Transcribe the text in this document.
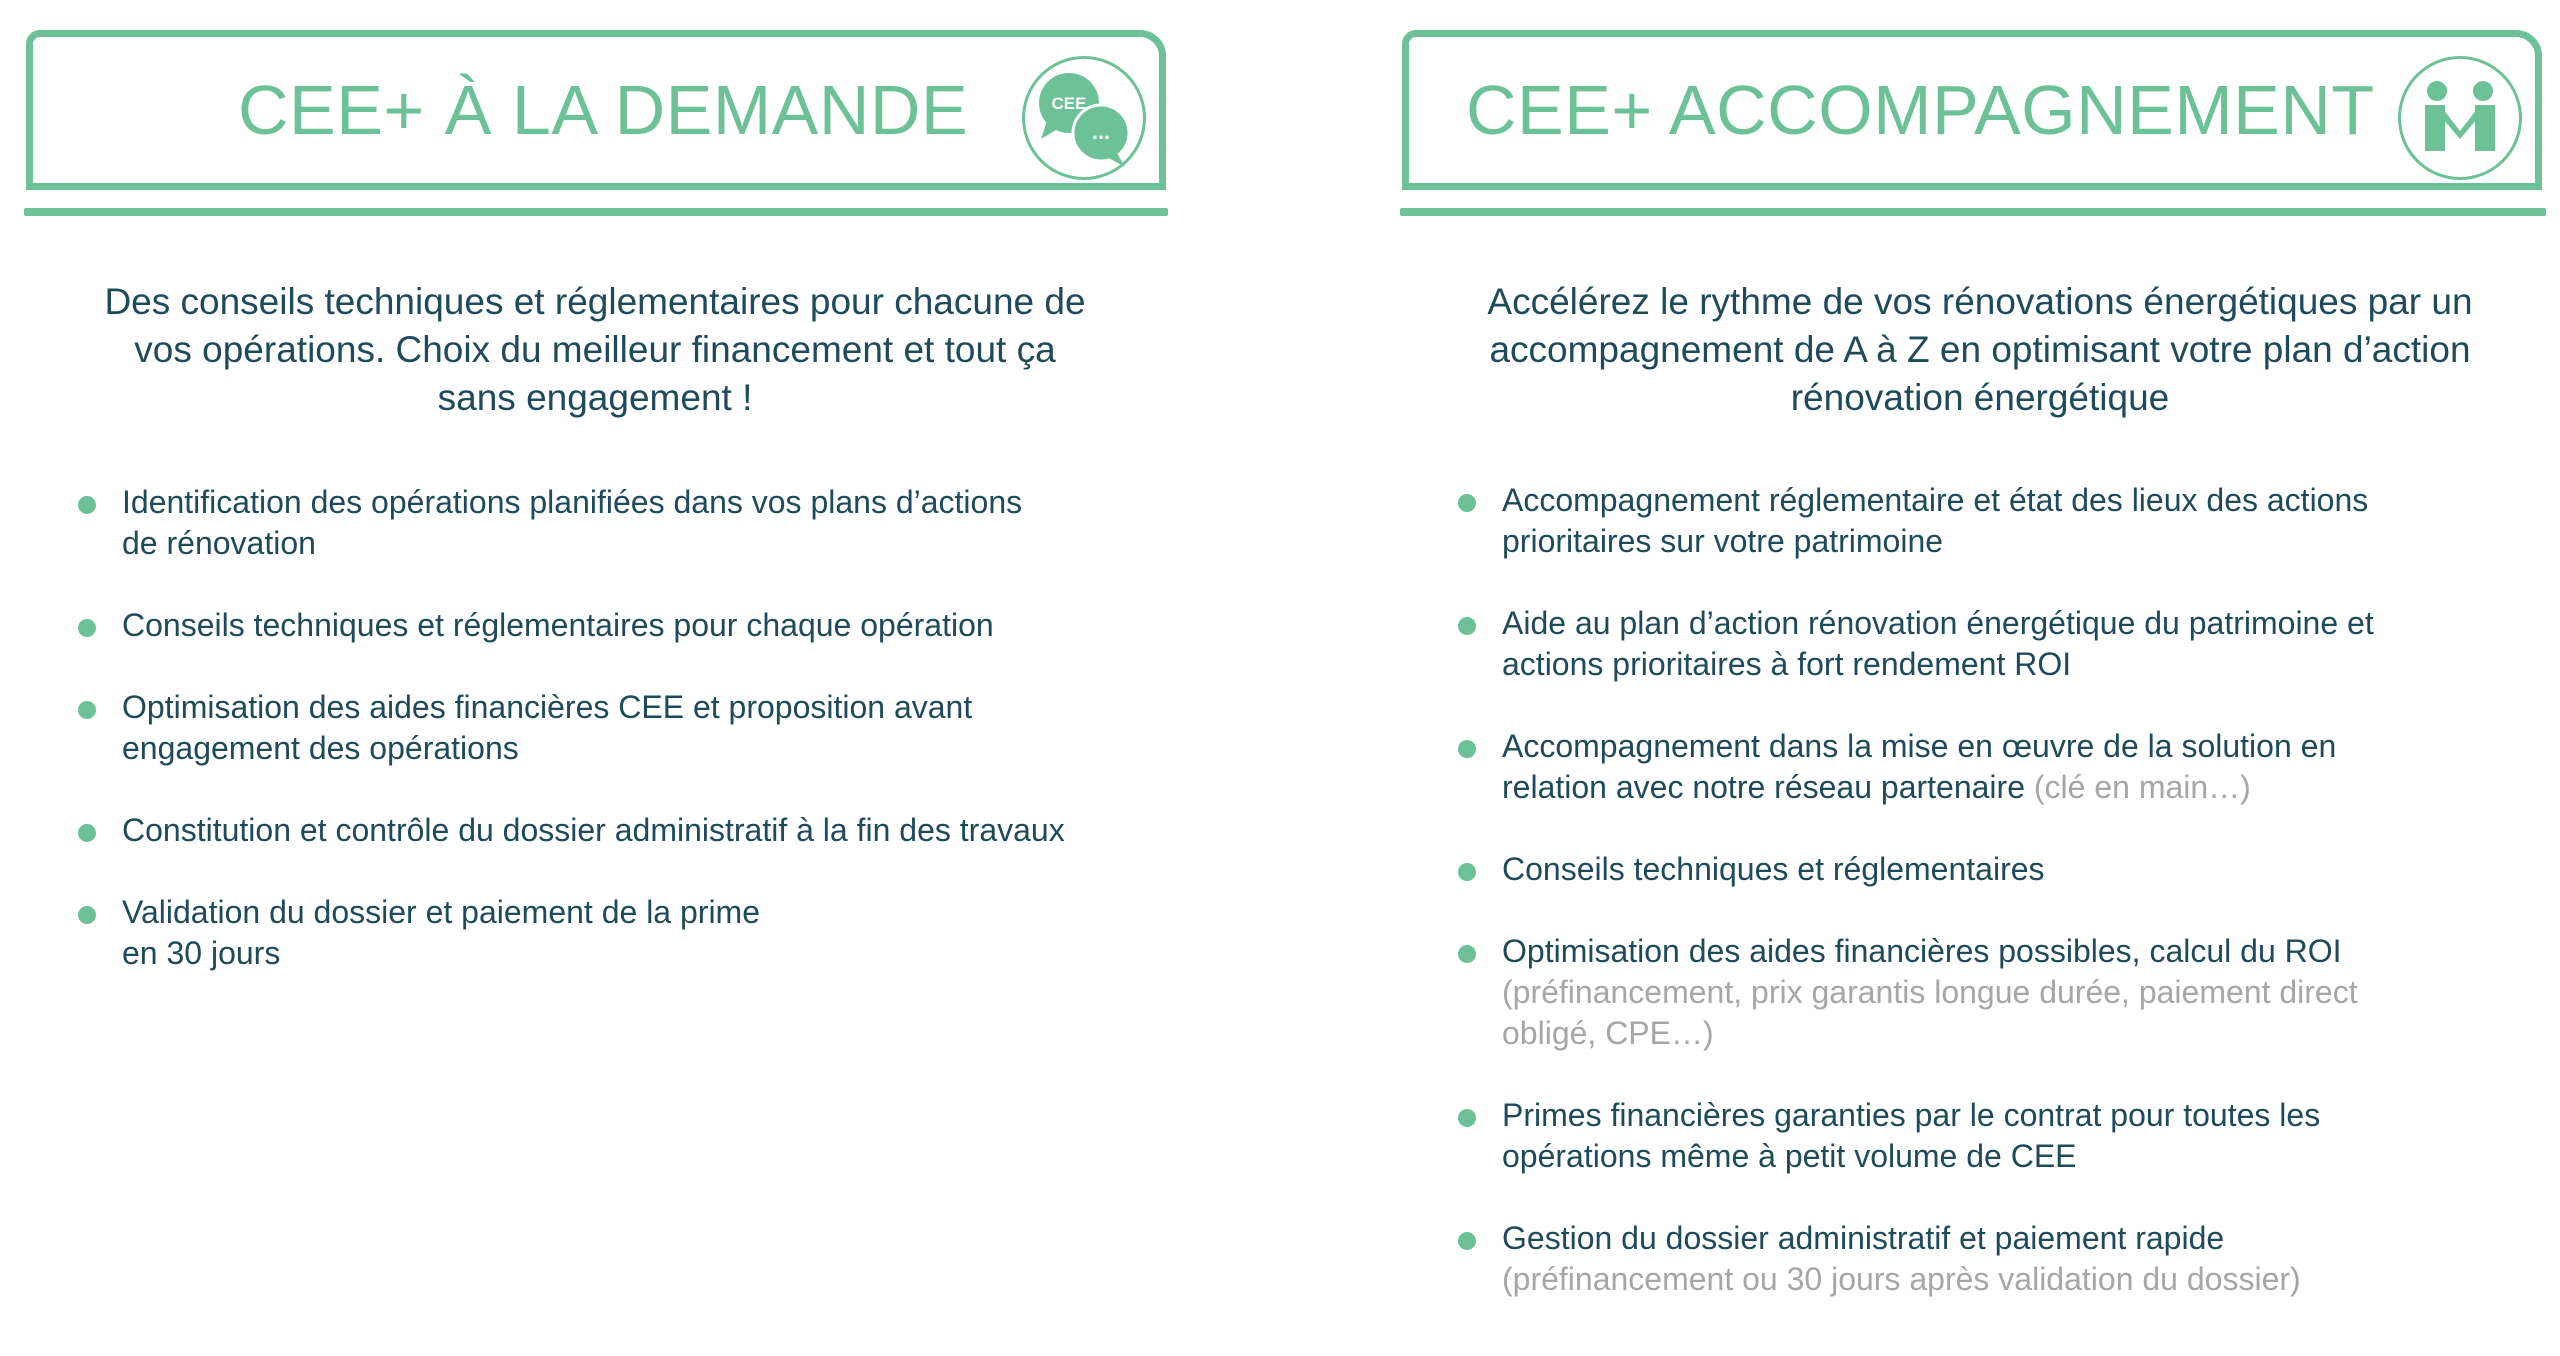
CEE+ À LA DEMANDE	CEE
...
Des conseils techniques et réglementaires pour chacune de
vos opérations. Choix du meilleur financement et tout ça
sans engagement !
Identification des opérations planifiées dans vos plans d’actions
de rénovation
Conseils techniques et réglementaires pour chaque opération
Optimisation des aides financières CEE et proposition avant
engagement des opérations
Constitution et contrôle du dossier administratif à la fin des travaux
Validation du dossier et paiement de la prime
en 30 jours
CEE+ ACCOMPAGNEMENT
Accélérez le rythme de vos rénovations énergétiques par un
accompagnement de A à Z en optimisant votre plan d’action
rénovation énergétique
Accompagnement réglementaire et état des lieux des actions
prioritaires sur votre patrimoine
Aide au plan d’action rénovation énergétique du patrimoine et
actions prioritaires à fort rendement ROI
Accompagnement dans la mise en œuvre de la solution en
relation avec notre réseau partenaire (clé en main…)
Conseils techniques et réglementaires
Optimisation des aides financières possibles, calcul du ROI
(préfinancement, prix garantis longue durée, paiement direct
obligé, CPE…)
Primes financières garanties par le contrat pour toutes les
opérations même à petit volume de CEE
Gestion du dossier administratif et paiement rapide
(préfinancement ou 30 jours après validation du dossier)
